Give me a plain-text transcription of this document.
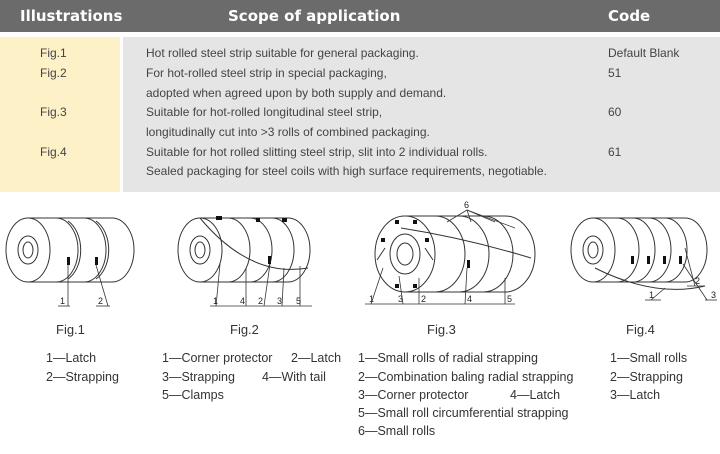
Illustrations	Scope of application	Code
Fig.1	Hot rolled steel strip suitable for general packaging.	Default Blank
Fig.2	For hot-rolled steel strip in special packaging,
adopted when agreed upon by both supply and demand.
51
Fig.3	Suitable for hot-rolled longitudinal steel strip,
longitudinally cut into >3 rolls of combined packaging.
60
Fig.4	Suitable for hot rolled slitting steel strip, slit into 2 individual rolls.
Sealed packaging for steel coils with high surface requirements, negotiable.
61
1	2	1 4 2 3 5
6
1	3 2	4	5
2
1	3
Fig.1	Fig.2	Fig.3	Fig.4
1—Latch
2—Strapping
1—Corner protector 2—Latch
3—Strapping 4—With tail
5—Clamps
1—Small rolls of radial strapping
2—Combination baling radial strapping
3—Corner protector	4—Latch
5—Small roll circumferential strapping
6—Small rolls
1—Small rolls
2—Strapping
3—Latch
